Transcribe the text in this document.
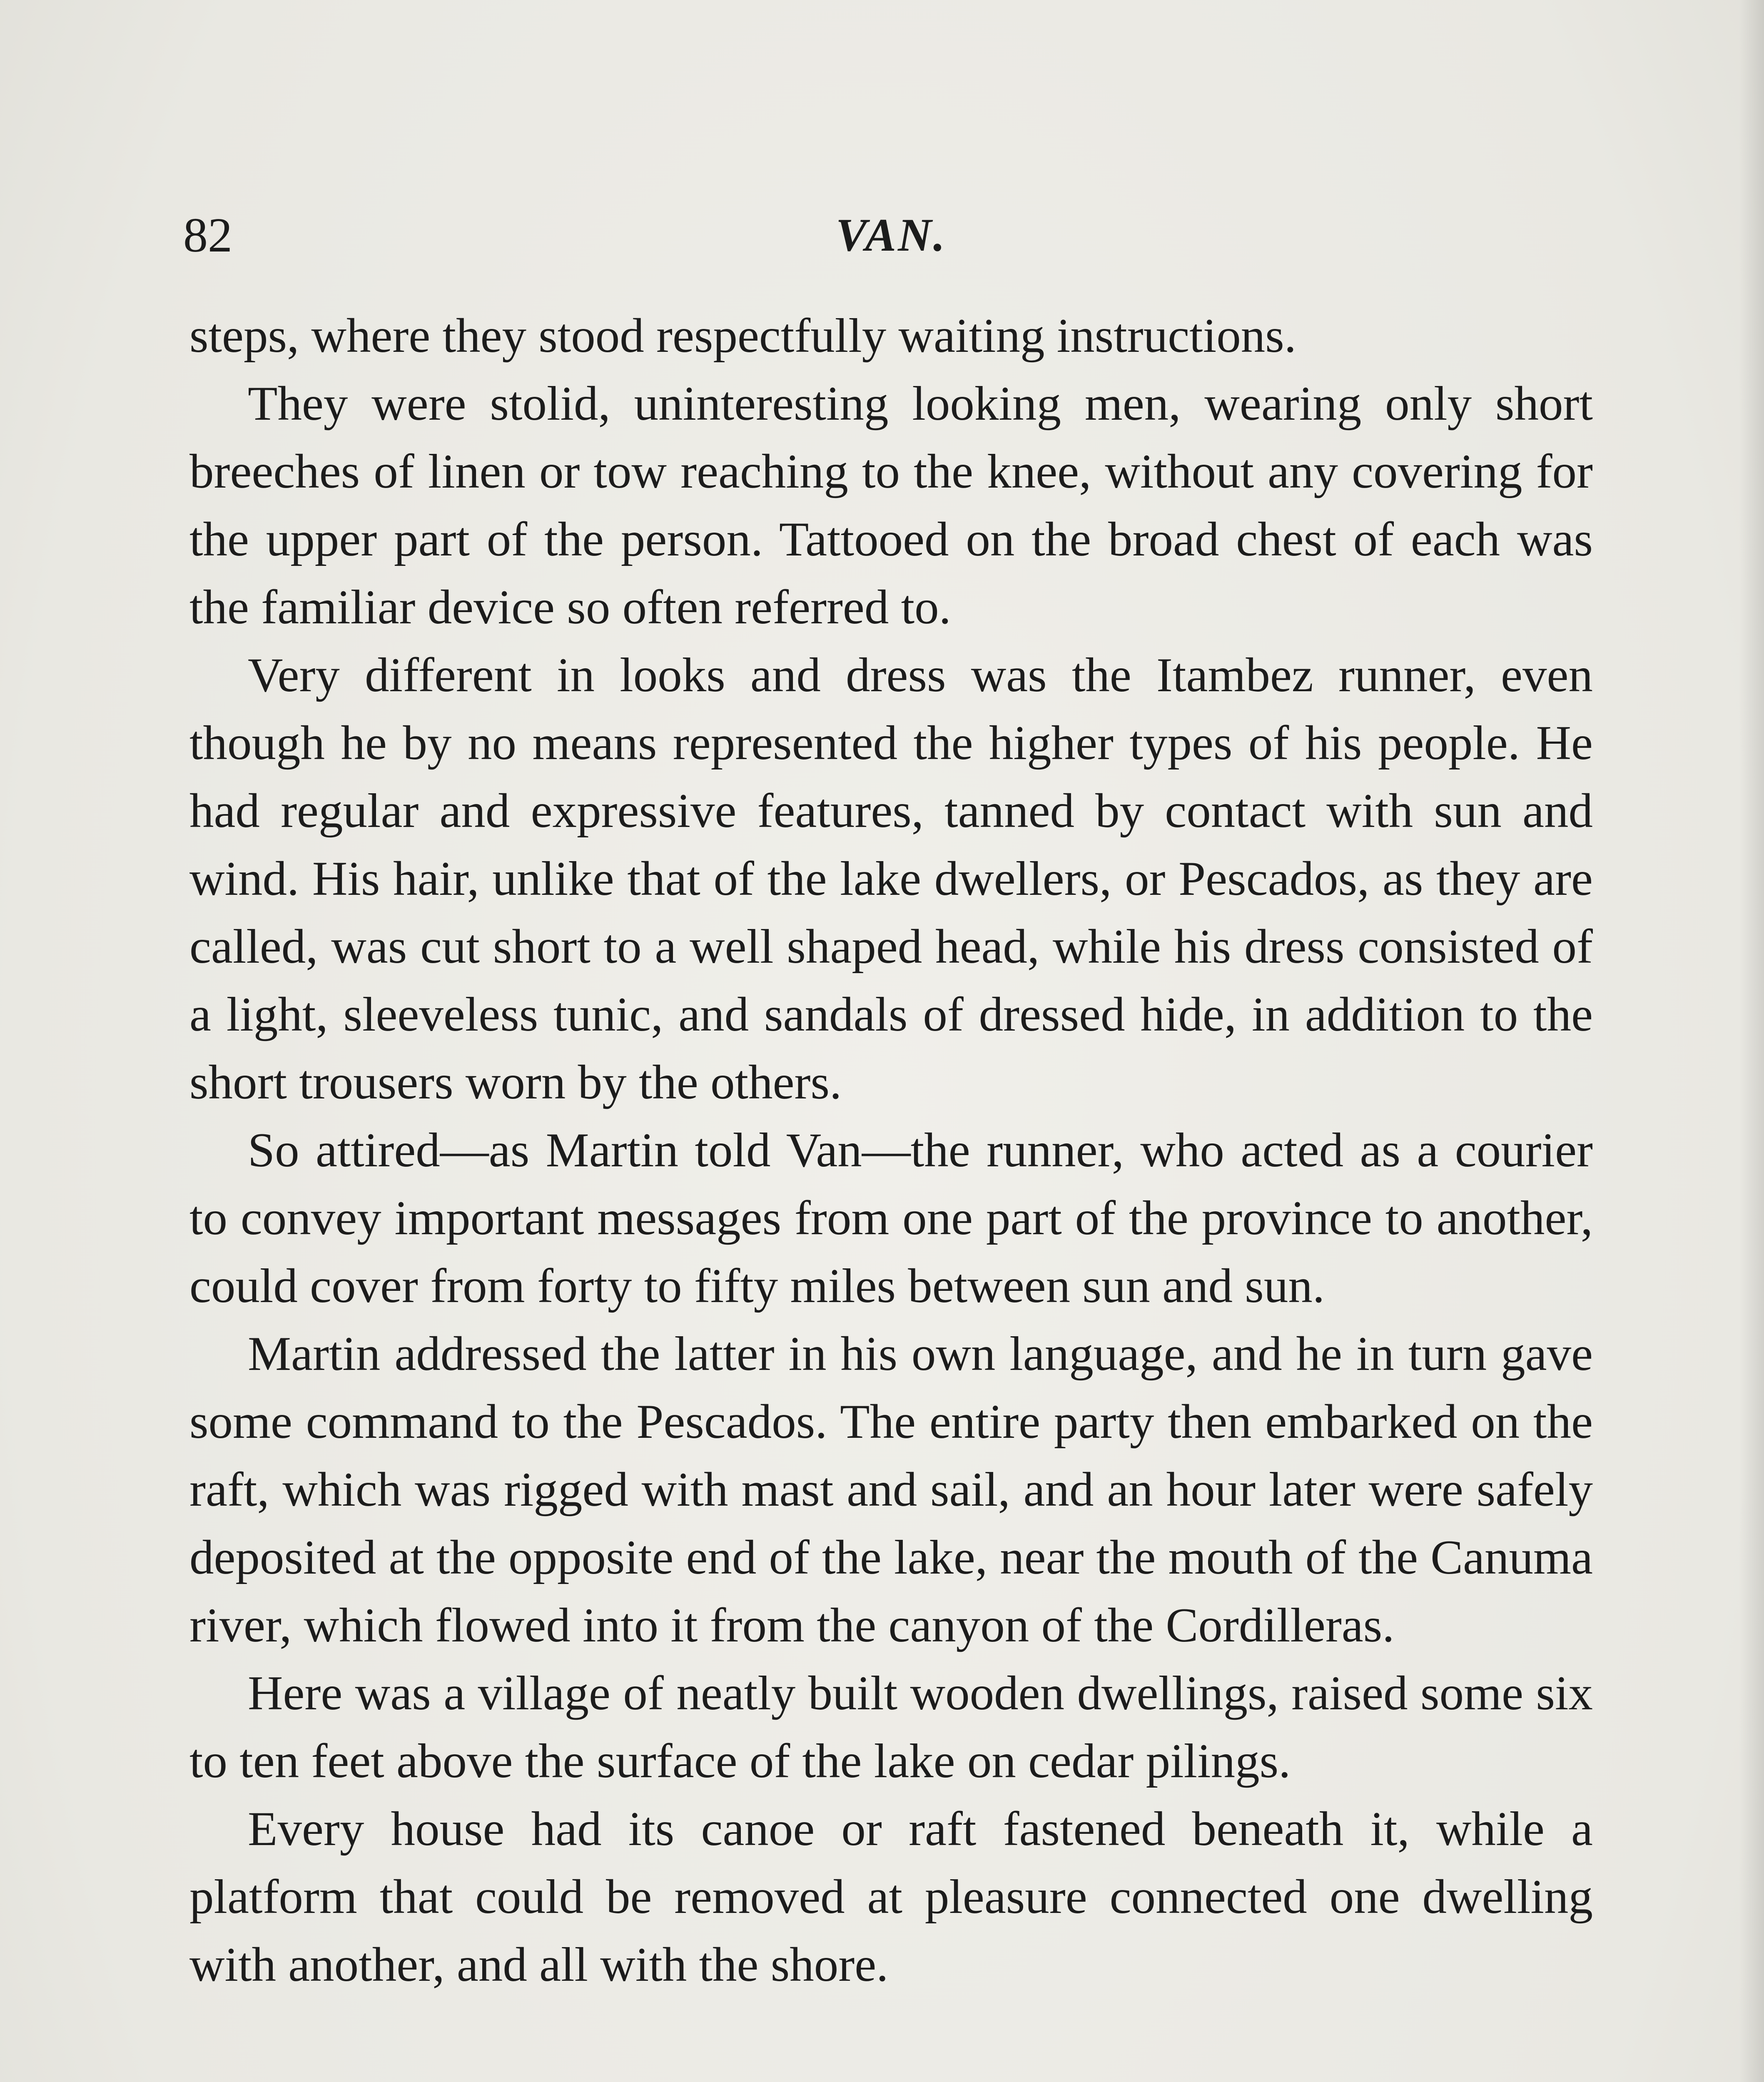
82	VAN.

steps, where they stood respectfully waiting instructions.

They were stolid, uninteresting looking men, wearing only short breeches of linen or tow reaching to the knee, without any covering for the upper part of the person. Tattooed on the broad chest of each was the familiar device so often referred to.

Very different in looks and dress was the Itambez runner, even though he by no means represented the higher types of his people. He had regular and expressive features, tanned by contact with sun and wind. His hair, unlike that of the lake dwellers, or Pescados, as they are called, was cut short to a well shaped head, while his dress consisted of a light, sleeveless tunic, and sandals of dressed hide, in addition to the short trousers worn by the others.

So attired—as Martin told Van—the runner, who acted as a courier to convey important messages from one part of the province to another, could cover from forty to fifty miles between sun and sun.

Martin addressed the latter in his own language, and he in turn gave some command to the Pescados. The entire party then embarked on the raft, which was rigged with mast and sail, and an hour later were safely deposited at the opposite end of the lake, near the mouth of the Canuma river, which flowed into it from the canyon of the Cordilleras.

Here was a village of neatly built wooden dwellings, raised some six to ten feet above the surface of the lake on cedar pilings.

Every house had its canoe or raft fastened beneath it, while a platform that could be removed at pleasure connected one dwelling with another, and all with the shore.
